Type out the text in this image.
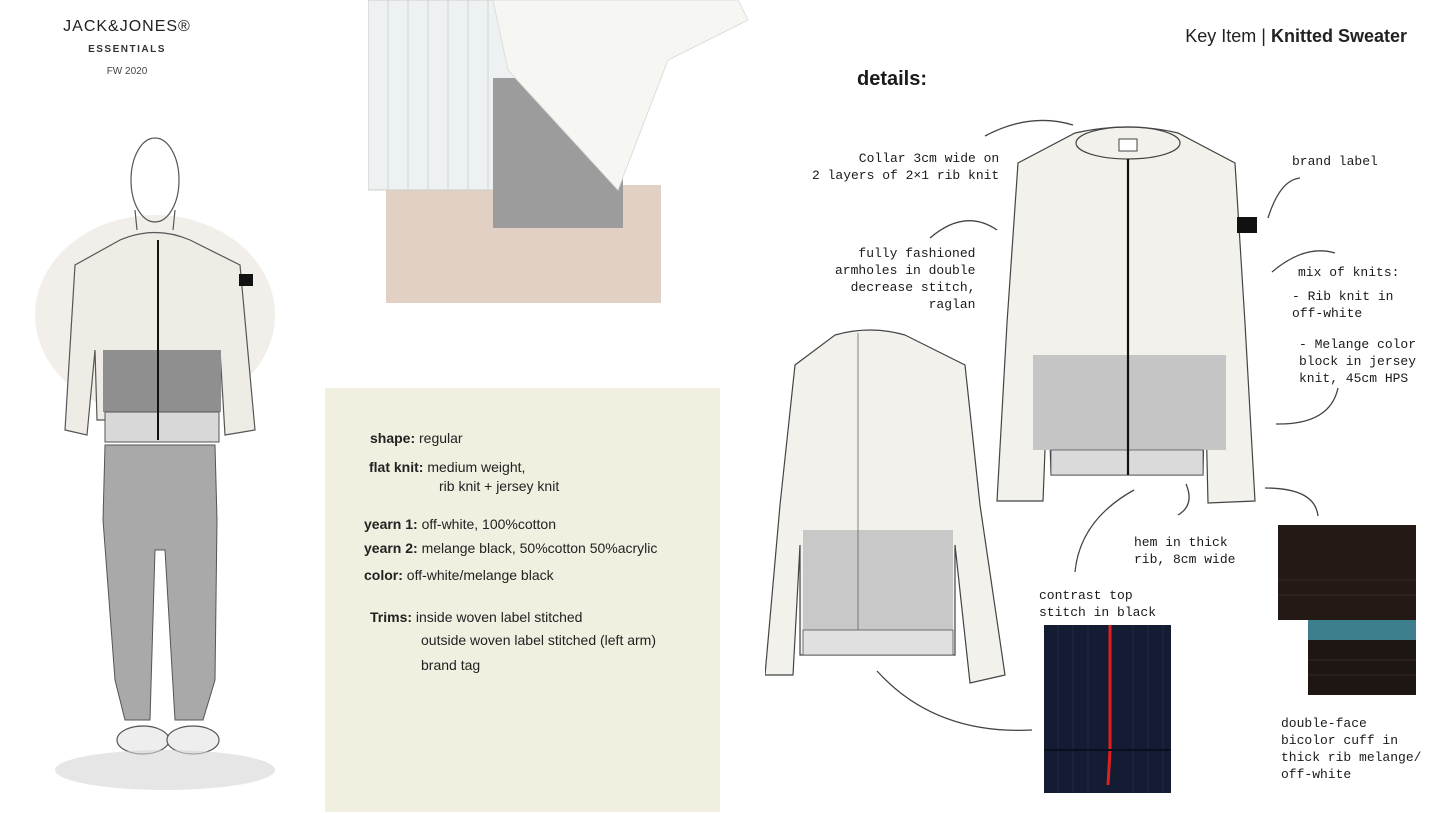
JACK&JONES®
ESSENTIALS
FW 2020
Key Item | Knitted Sweater
shape: regular
flat knit: medium weight,
rib knit + jersey knit
yearn 1: off-white, 100%cotton
yearn 2: melange black, 50%cotton 50%acrylic
color: off-white/melange black
Trims: inside woven label stitched
outside woven label stitched (left arm)
brand tag
details:
Collar 3cm wide on
2 layers of 2×1 rib knit
fully fashioned
armholes in double
decrease stitch,
raglan
brand label
mix of knits:
- Rib knit in
off-white
- Melange color
block in jersey
knit, 45cm HPS
hem in thick
rib, 8cm wide
contrast top
stitch in black
double-face
bicolor cuff in
thick rib melange/
off-white
